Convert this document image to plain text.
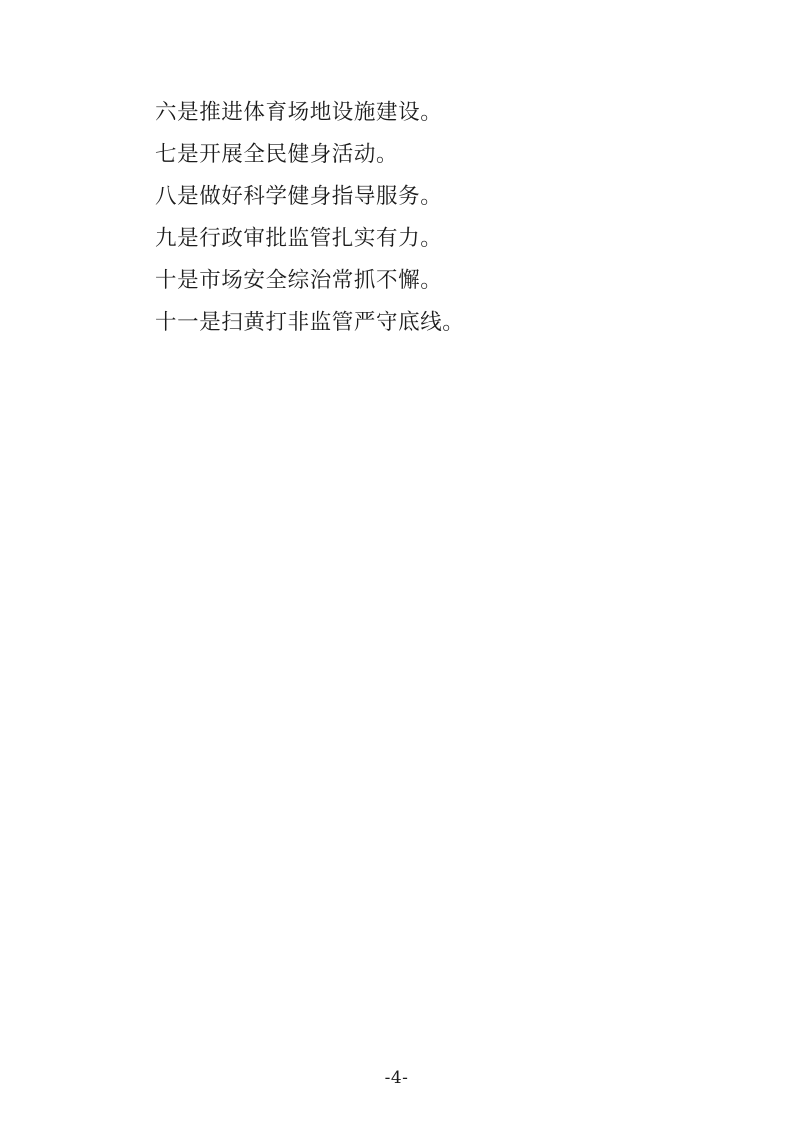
六是推进体育场地设施建设。
七是开展全民健身活动。
八是做好科学健身指导服务。
九是行政审批监管扎实有力。
十是市场安全综治常抓不懈。
十一是扫黄打非监管严守底线。
-4-
